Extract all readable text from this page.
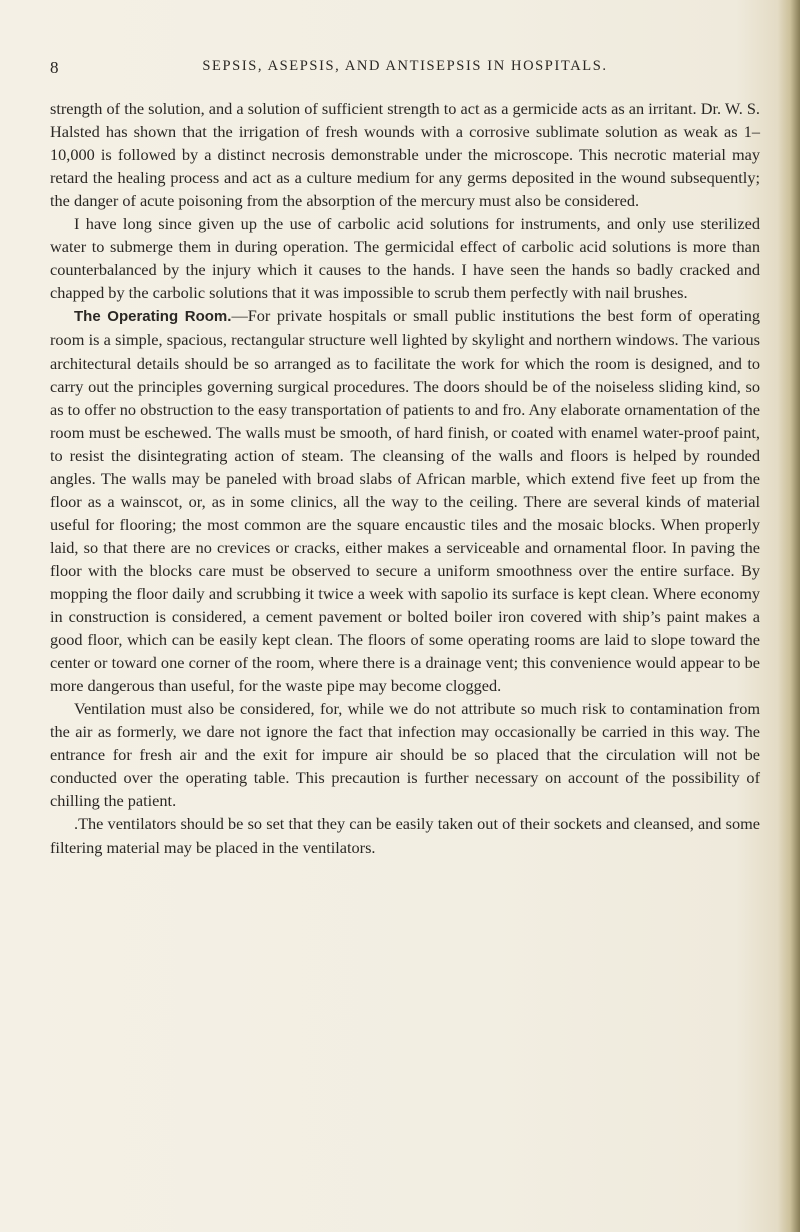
8	SEPSIS, ASEPSIS, AND ANTISEPSIS IN HOSPITALS.

strength of the solution, and a solution of sufficient strength to act as a germicide acts as an irritant. Dr. W. S. Halsted has shown that the irrigation of fresh wounds with a corrosive sublimate solution as weak as 1–10,000 is followed by a distinct necrosis demonstrable under the microscope. This necrotic material may retard the healing process and act as a culture medium for any germs deposited in the wound subsequently; the danger of acute poisoning from the absorption of the mercury must also be considered.

I have long since given up the use of carbolic acid solutions for instruments, and only use sterilized water to submerge them in during operation. The germicidal effect of carbolic acid solutions is more than counterbalanced by the injury which it causes to the hands. I have seen the hands so badly cracked and chapped by the carbolic solutions that it was impossible to scrub them perfectly with nail brushes.

The Operating Room.—For private hospitals or small public institutions the best form of operating room is a simple, spacious, rectangular structure well lighted by skylight and northern windows. The various architectural details should be so arranged as to facilitate the work for which the room is designed, and to carry out the principles governing surgical procedures. The doors should be of the noiseless sliding kind, so as to offer no obstruction to the easy transportation of patients to and fro. Any elaborate ornamentation of the room must be eschewed. The walls must be smooth, of hard finish, or coated with enamel water-proof paint, to resist the disintegrating action of steam. The cleansing of the walls and floors is helped by rounded angles. The walls may be paneled with broad slabs of African marble, which extend five feet up from the floor as a wainscot, or, as in some clinics, all the way to the ceiling. There are several kinds of material useful for flooring; the most common are the square encaustic tiles and the mosaic blocks. When properly laid, so that there are no crevices or cracks, either makes a serviceable and ornamental floor. In paving the floor with the blocks care must be observed to secure a uniform smoothness over the entire surface. By mopping the floor daily and scrubbing it twice a week with sapolio its surface is kept clean. Where economy in construction is considered, a cement pavement or bolted boiler iron covered with ship’s paint makes a good floor, which can be easily kept clean. The floors of some operating rooms are laid to slope toward the center or toward one corner of the room, where there is a drainage vent; this convenience would appear to be more dangerous than useful, for the waste pipe may become clogged.

Ventilation must also be considered, for, while we do not attribute so much risk to contamination from the air as formerly, we dare not ignore the fact that infection may occasionally be carried in this way. The entrance for fresh air and the exit for impure air should be so placed that the circulation will not be conducted over the operating table. This precaution is further necessary on account of the possibility of chilling the patient.

.The ventilators should be so set that they can be easily taken out of their sockets and cleansed, and some filtering material may be placed in the ventilators.
